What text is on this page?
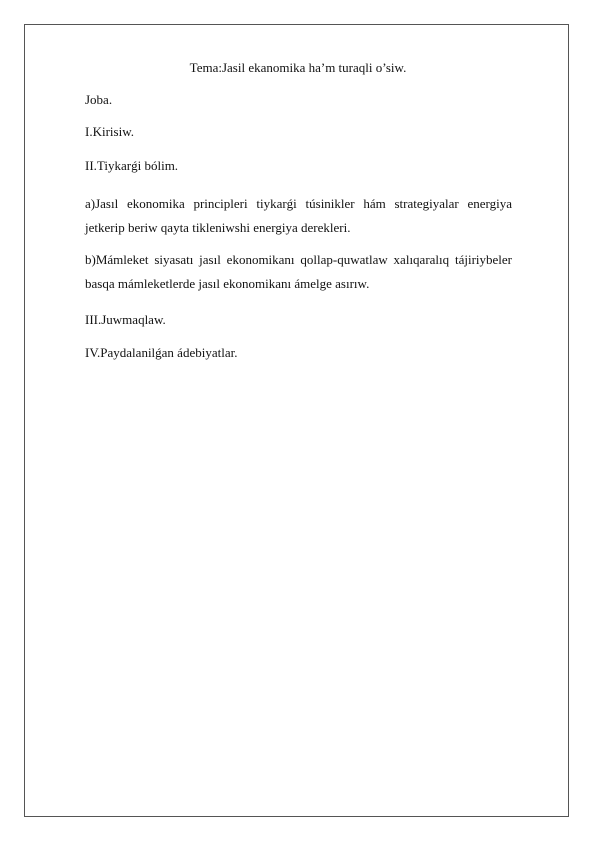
Tema:Jasil ekanomika ha’m turaqli o’siw.

Joba.

I.Kirisiw.

II.Tiykarǵi bólim.

a)Jasıl ekonomika principleri tiykarǵi túsinikler hám strategiyalar energiya jetkerip beriw qayta tikleniwshi energiya derekleri.

b)Mámleket siyasatı jasıl ekonomikanı qollap-quwatlaw xalıqaralıq tájiriybeler basqa mámleketlerde jasıl ekonomikanı ámelge asırıw.

III.Juwmaqlaw.

IV.Paydalanilǵan ádebiyatlar.
